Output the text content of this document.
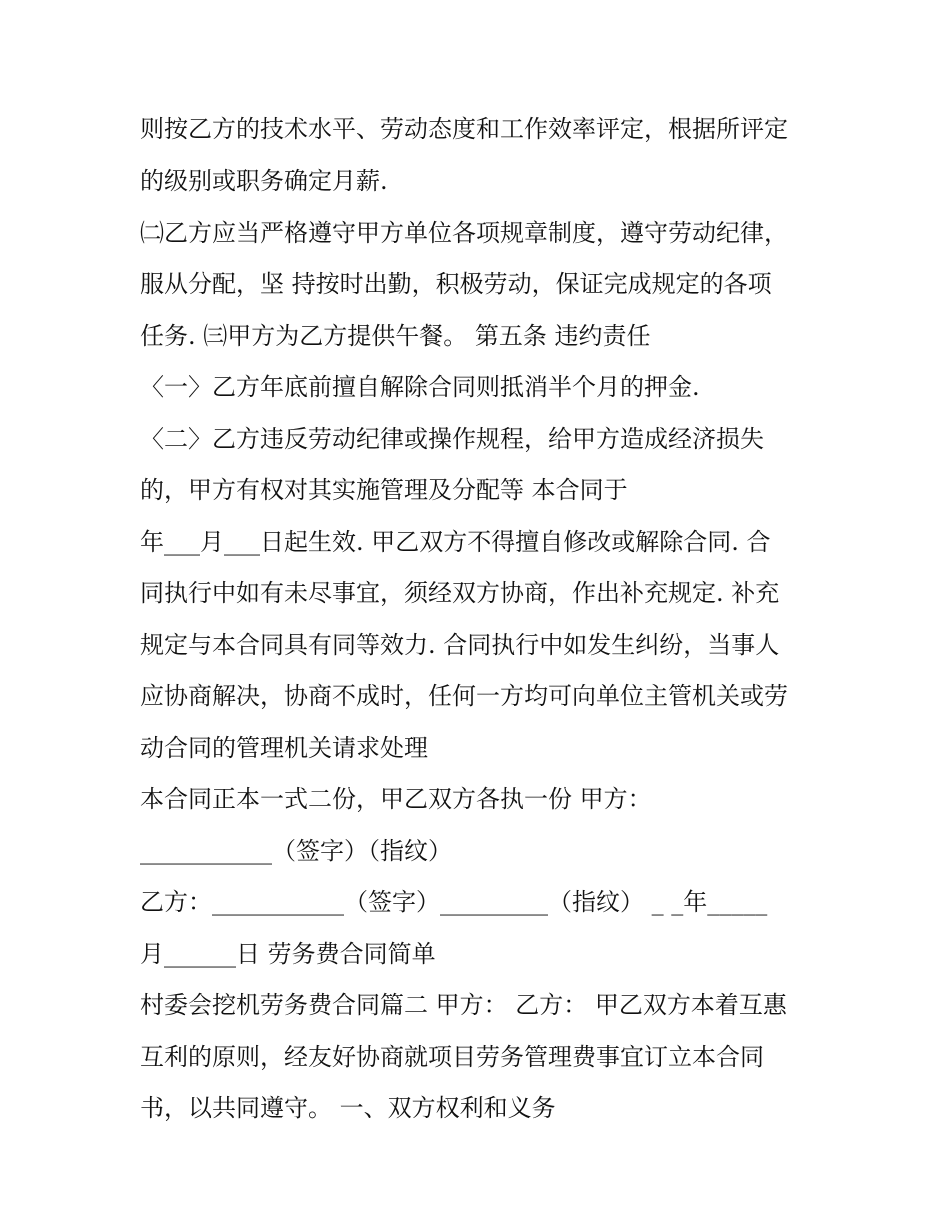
则按乙方的技术水平、劳动态度和工作效率评定，根据所评定
的级别或职务确定月薪.
㈡乙方应当严格遵守甲方单位各项规章制度，遵守劳动纪律，
服从分配，坚 持按时出勤，积极劳动，保证完成规定的各项
任务. ㈢甲方为乙方提供午餐。 第五条 违约责任
〈一〉乙方年底前擅自解除合同则抵消半个月的押金.
〈二〉乙方违反劳动纪律或操作规程，给甲方造成经济损失
的，甲方有权对其实施管理及分配等 本合同于
年___月___日起生效. 甲乙双方不得擅自修改或解除合同. 合
同执行中如有未尽事宜，须经双方协商，作出补充规定. 补充
规定与本合同具有同等效力. 合同执行中如发生纠纷，当事人
应协商解决，协商不成时，任何一方均可向单位主管机关或劳
动合同的管理机关请求处理
本合同正本一式二份，甲乙双方各执一份 甲方：
___________（签字）（指纹）
乙方：___________（签字）_________（指纹） _ _年_____
月______日 劳务费合同简单
村委会挖机劳务费合同篇二 甲方： 乙方： 甲乙双方本着互惠
互利的原则，经友好协商就项目劳务管理费事宜订立本合同
书，以共同遵守。 一、双方权利和义务
